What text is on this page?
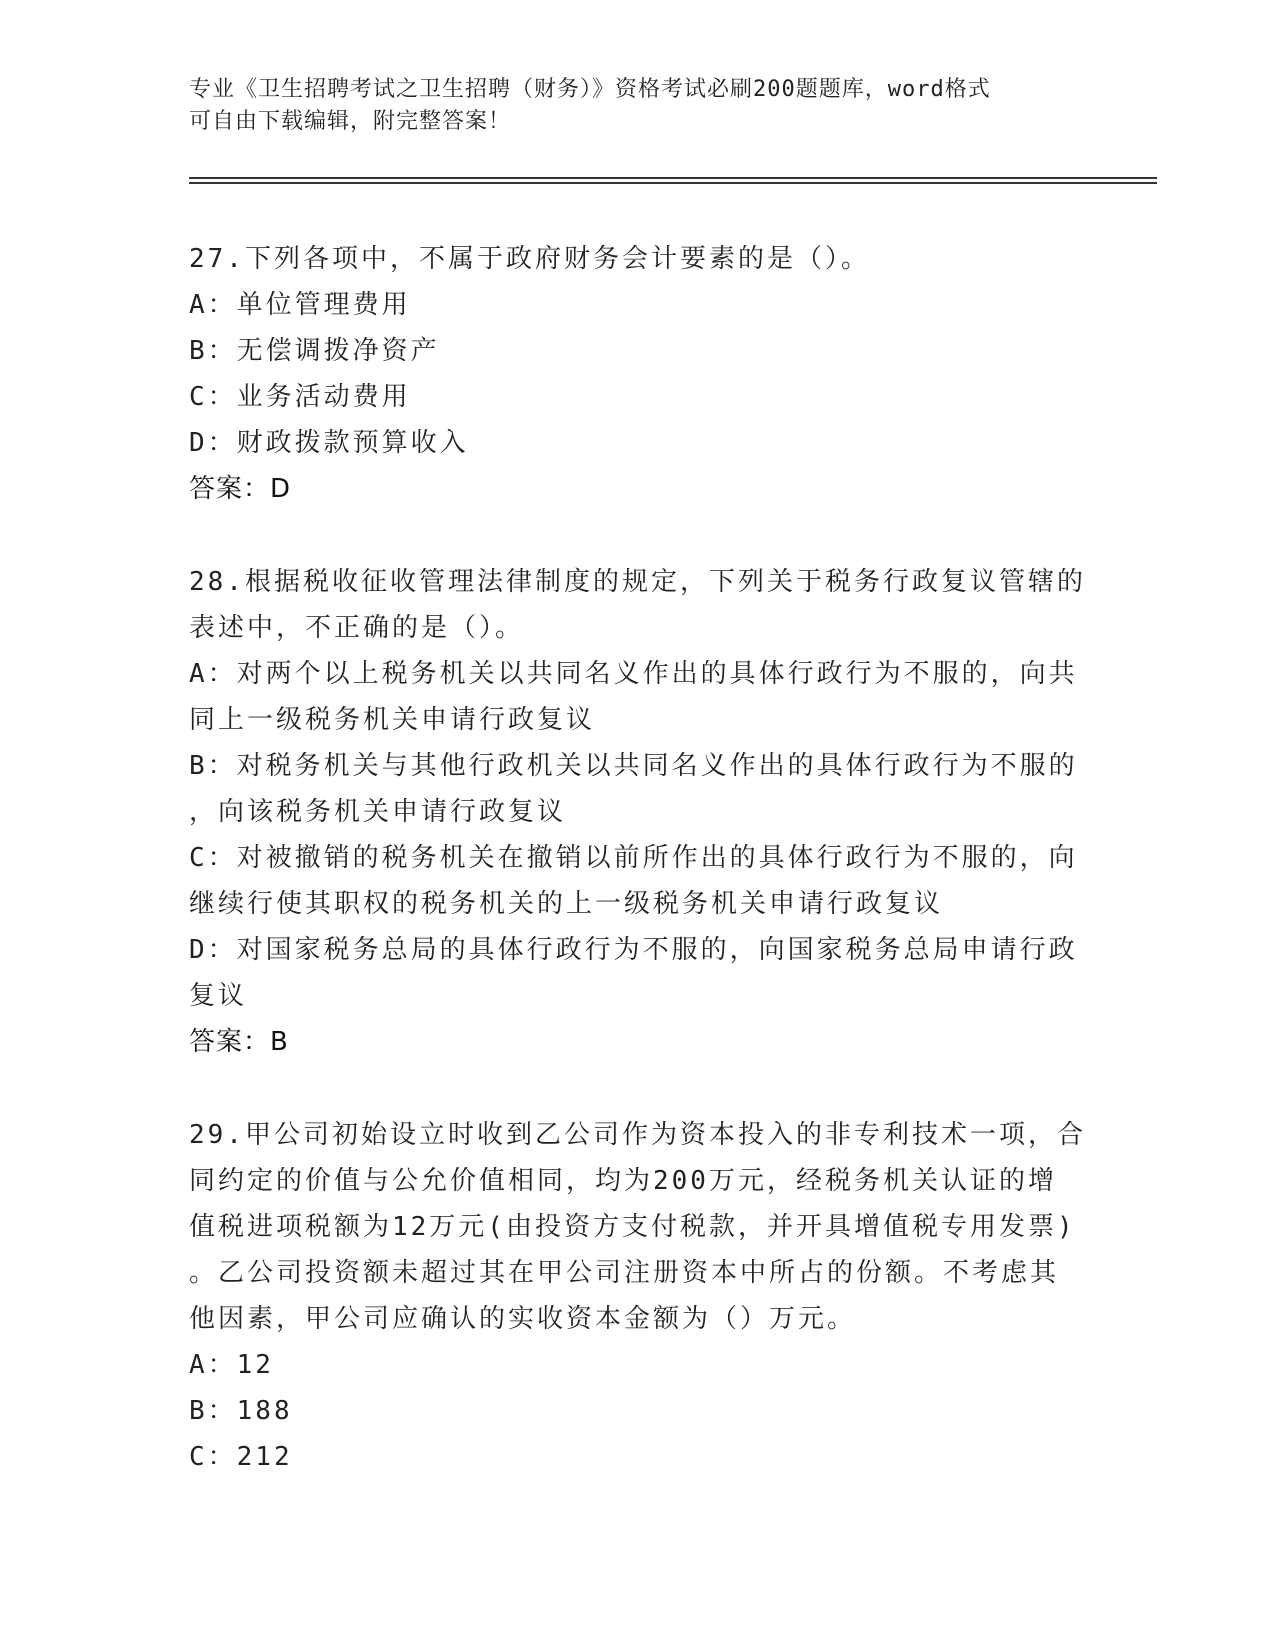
专业《卫生招聘考试之卫生招聘（财务）》资格考试必刷200题题库，word格式
可自由下载编辑，附完整答案！
27.下列各项中，不属于政府财务会计要素的是（）。
A：单位管理费用
B：无偿调拨净资产
C：业务活动费用
D：财政拨款预算收入
答案：D
28.根据税收征收管理法律制度的规定，下列关于税务行政复议管辖的
表述中，不正确的是（）。
A：对两个以上税务机关以共同名义作出的具体行政行为不服的，向共
同上一级税务机关申请行政复议
B：对税务机关与其他行政机关以共同名义作出的具体行政行为不服的
，向该税务机关申请行政复议
C：对被撤销的税务机关在撤销以前所作出的具体行政行为不服的，向
继续行使其职权的税务机关的上一级税务机关申请行政复议
D：对国家税务总局的具体行政行为不服的，向国家税务总局申请行政
复议
答案：B
29.甲公司初始设立时收到乙公司作为资本投入的非专利技术一项，合
同约定的价值与公允价值相同，均为200万元，经税务机关认证的增
值税进项税额为12万元(由投资方支付税款，并开具增值税专用发票)
。乙公司投资额未超过其在甲公司注册资本中所占的份额。不考虑其
他因素，甲公司应确认的实收资本金额为（）万元。
A：12
B：188
C：212
